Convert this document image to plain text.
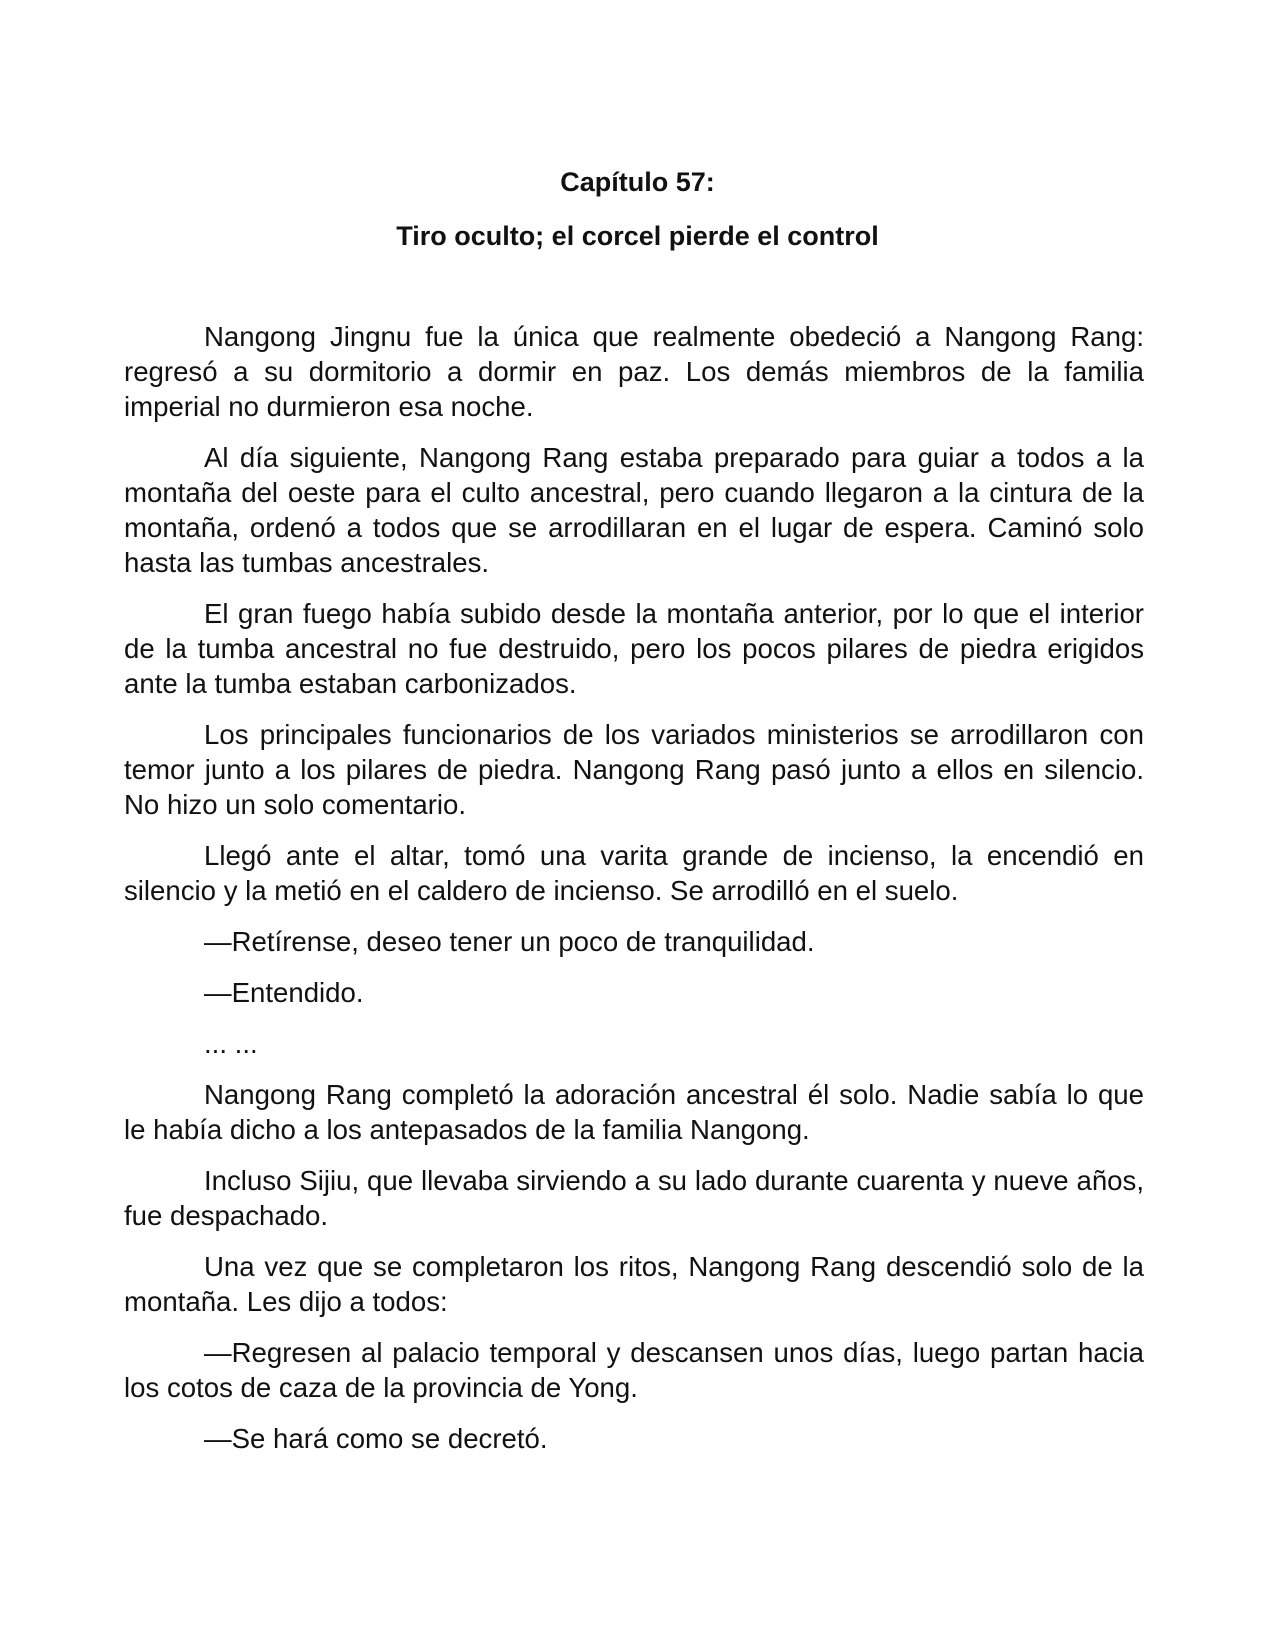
Capítulo 57:
Tiro oculto; el corcel pierde el control

Nangong Jingnu fue la única que realmente obedeció a Nangong Rang: regresó a su dormitorio a dormir en paz. Los demás miembros de la familia imperial no durmieron esa noche.

Al día siguiente, Nangong Rang estaba preparado para guiar a todos a la montaña del oeste para el culto ancestral, pero cuando llegaron a la cintura de la montaña, ordenó a todos que se arrodillaran en el lugar de espera. Caminó solo hasta las tumbas ancestrales.

El gran fuego había subido desde la montaña anterior, por lo que el interior de la tumba ancestral no fue destruido, pero los pocos pilares de piedra erigidos ante la tumba estaban carbonizados.

Los principales funcionarios de los variados ministerios se arrodillaron con temor junto a los pilares de piedra. Nangong Rang pasó junto a ellos en silencio. No hizo un solo comentario.

Llegó ante el altar, tomó una varita grande de incienso, la encendió en silencio y la metió en el caldero de incienso. Se arrodilló en el suelo.

—Retírense, deseo tener un poco de tranquilidad.

—Entendido.

... ...

Nangong Rang completó la adoración ancestral él solo. Nadie sabía lo que le había dicho a los antepasados de la familia Nangong.

Incluso Sijiu, que llevaba sirviendo a su lado durante cuarenta y nueve años, fue despachado.

Una vez que se completaron los ritos, Nangong Rang descendió solo de la montaña. Les dijo a todos:

—Regresen al palacio temporal y descansen unos días, luego partan hacia los cotos de caza de la provincia de Yong.

—Se hará como se decretó.
